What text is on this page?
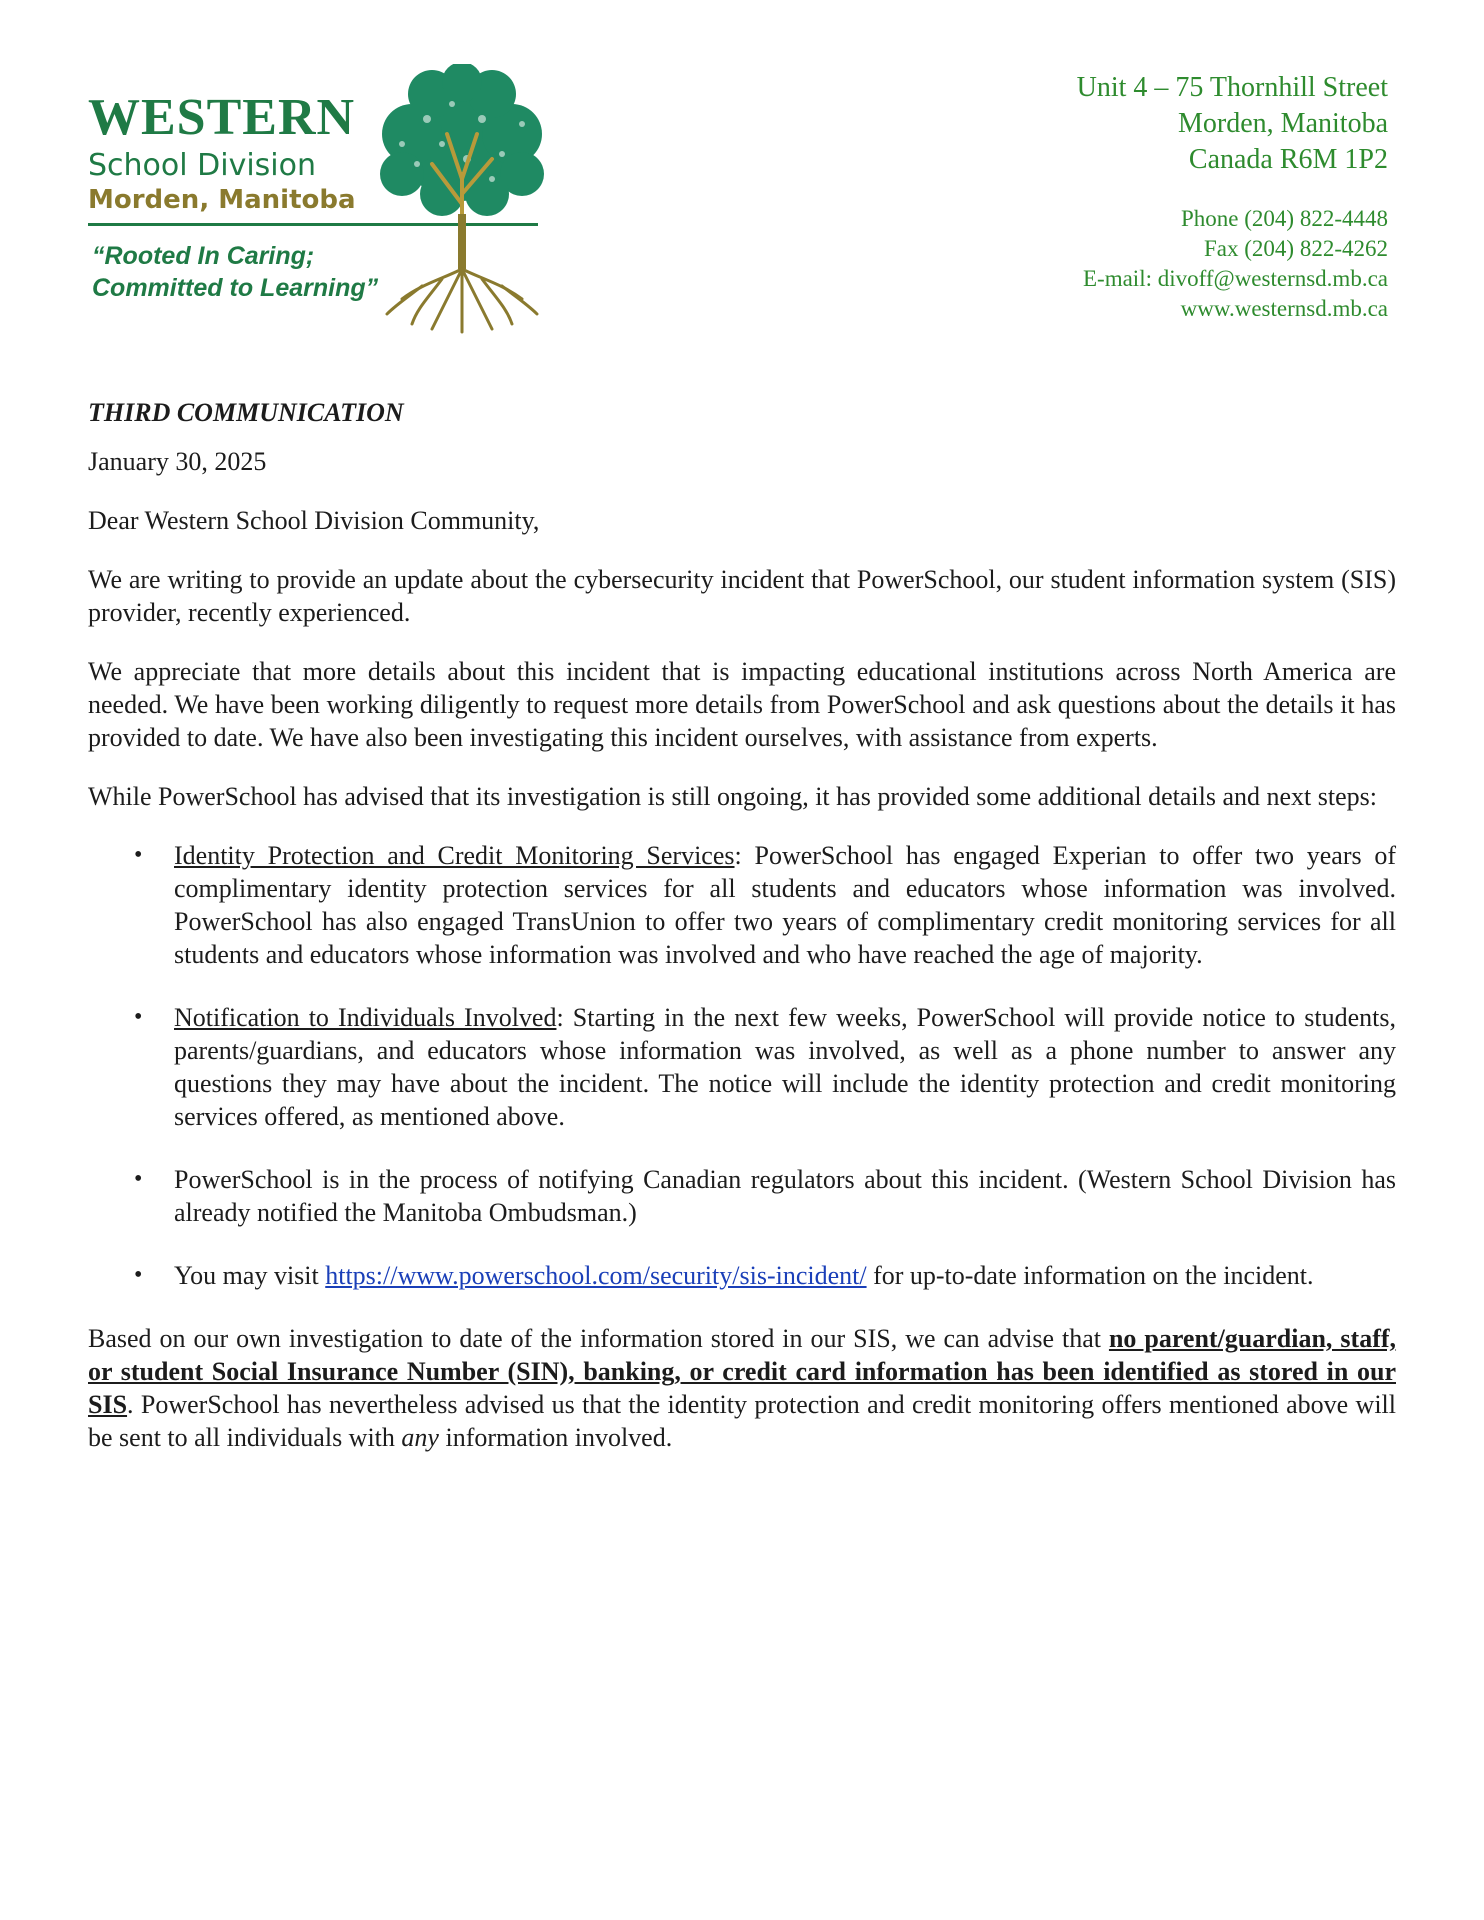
WESTERN
School Division
Morden, Manitoba
“Rooted In Caring;
Committed to Learning”
Unit 4 – 75 Thornhill Street
Morden, Manitoba
Canada R6M 1P2
Phone (204) 822-4448
Fax (204) 822-4262
E-mail: divoff@westernsd.mb.ca
www.westernsd.mb.ca

THIRD COMMUNICATION

January 30, 2025

Dear Western School Division Community,

We are writing to provide an update about the cybersecurity incident that PowerSchool, our student information system (SIS) provider, recently experienced.

We appreciate that more details about this incident that is impacting educational institutions across North America are needed. We have been working diligently to request more details from PowerSchool and ask questions about the details it has provided to date. We have also been investigating this incident ourselves, with assistance from experts.

While PowerSchool has advised that its investigation is still ongoing, it has provided some additional details and next steps:

• Identity Protection and Credit Monitoring Services: PowerSchool has engaged Experian to offer two years of complimentary identity protection services for all students and educators whose information was involved. PowerSchool has also engaged TransUnion to offer two years of complimentary credit monitoring services for all students and educators whose information was involved and who have reached the age of majority.
• Notification to Individuals Involved: Starting in the next few weeks, PowerSchool will provide notice to students, parents/guardians, and educators whose information was involved, as well as a phone number to answer any questions they may have about the incident. The notice will include the identity protection and credit monitoring services offered, as mentioned above.
• PowerSchool is in the process of notifying Canadian regulators about this incident. (Western School Division has already notified the Manitoba Ombudsman.)
• You may visit https://www.powerschool.com/security/sis-incident/ for up-to-date information on the incident.

Based on our own investigation to date of the information stored in our SIS, we can advise that no parent/guardian, staff, or student Social Insurance Number (SIN), banking, or credit card information has been identified as stored in our SIS. PowerSchool has nevertheless advised us that the identity protection and credit monitoring offers mentioned above will be sent to all individuals with any information involved.
